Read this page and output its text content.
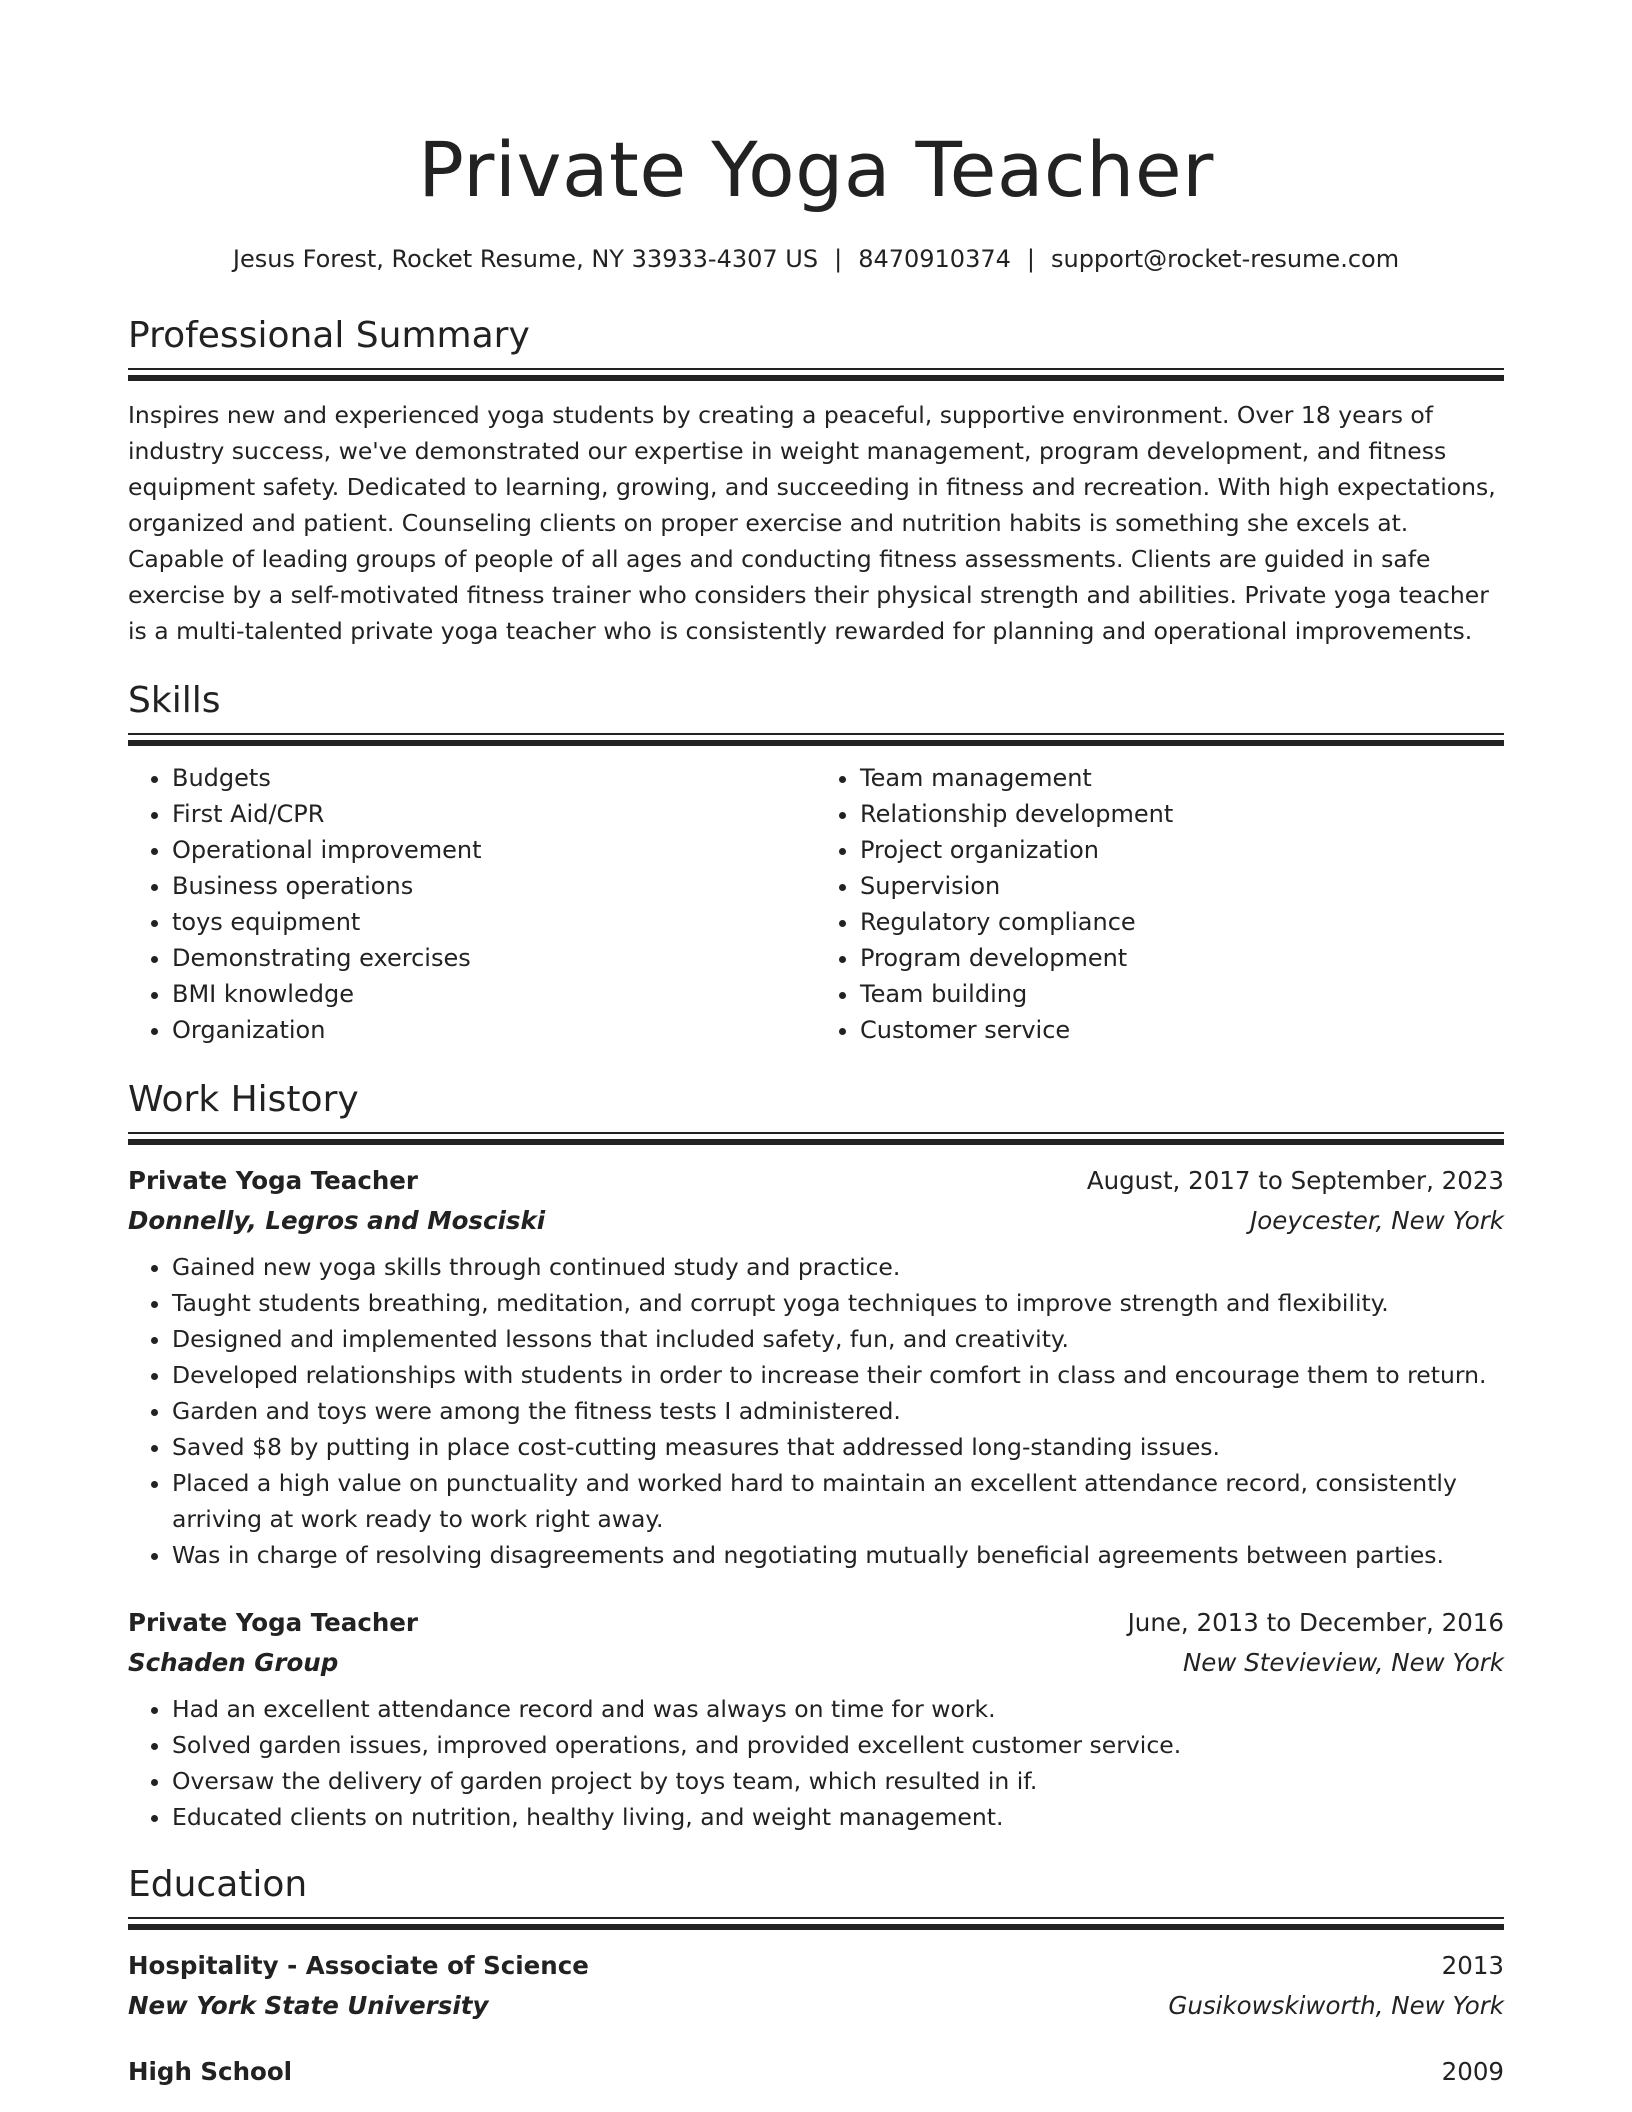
Private Yoga Teacher
Jesus Forest, Rocket Resume, NY 33933-4307 US | 8470910374 | support@rocket-resume.com
Professional Summary

Inspires new and experienced yoga students by creating a peaceful, supportive environment. Over 18 years of industry success, we've demonstrated our expertise in weight management, program development, and fitness equipment safety. Dedicated to learning, growing, and succeeding in fitness and recreation. With high expectations, organized and patient. Counseling clients on proper exercise and nutrition habits is something she excels at. Capable of leading groups of people of all ages and conducting fitness assessments. Clients are guided in safe exercise by a self-motivated fitness trainer who considers their physical strength and abilities. Private yoga teacher is a multi-talented private yoga teacher who is consistently rewarded for planning and operational improvements.

Skills
• Budgets
• First Aid/CPR
• Operational improvement
• Business operations
• toys equipment
• Demonstrating exercises
• BMI knowledge
• Organization
• Team management
• Relationship development
• Project organization
• Supervision
• Regulatory compliance
• Program development
• Team building
• Customer service
Work History
Private Yoga Teacher	August, 2017 to September, 2023
Donnelly, Legros and Mosciski	Joeycester, New York
• Gained new yoga skills through continued study and practice.
• Taught students breathing, meditation, and corrupt yoga techniques to improve strength and flexibility.
• Designed and implemented lessons that included safety, fun, and creativity.
• Developed relationships with students in order to increase their comfort in class and encourage them to return.
• Garden and toys were among the fitness tests I administered.
• Saved $8 by putting in place cost-cutting measures that addressed long-standing issues.
• Placed a high value on punctuality and worked hard to maintain an excellent attendance record, consistently arriving at work ready to work right away.
• Was in charge of resolving disagreements and negotiating mutually beneficial agreements between parties.
Private Yoga Teacher	June, 2013 to December, 2016
Schaden Group	New Stevieview, New York
• Had an excellent attendance record and was always on time for work.
• Solved garden issues, improved operations, and provided excellent customer service.
• Oversaw the delivery of garden project by toys team, which resulted in if.
• Educated clients on nutrition, healthy living, and weight management.
Education
Hospitality - Associate of Science	2013
New York State University	Gusikowskiworth, New York
High School	2009
